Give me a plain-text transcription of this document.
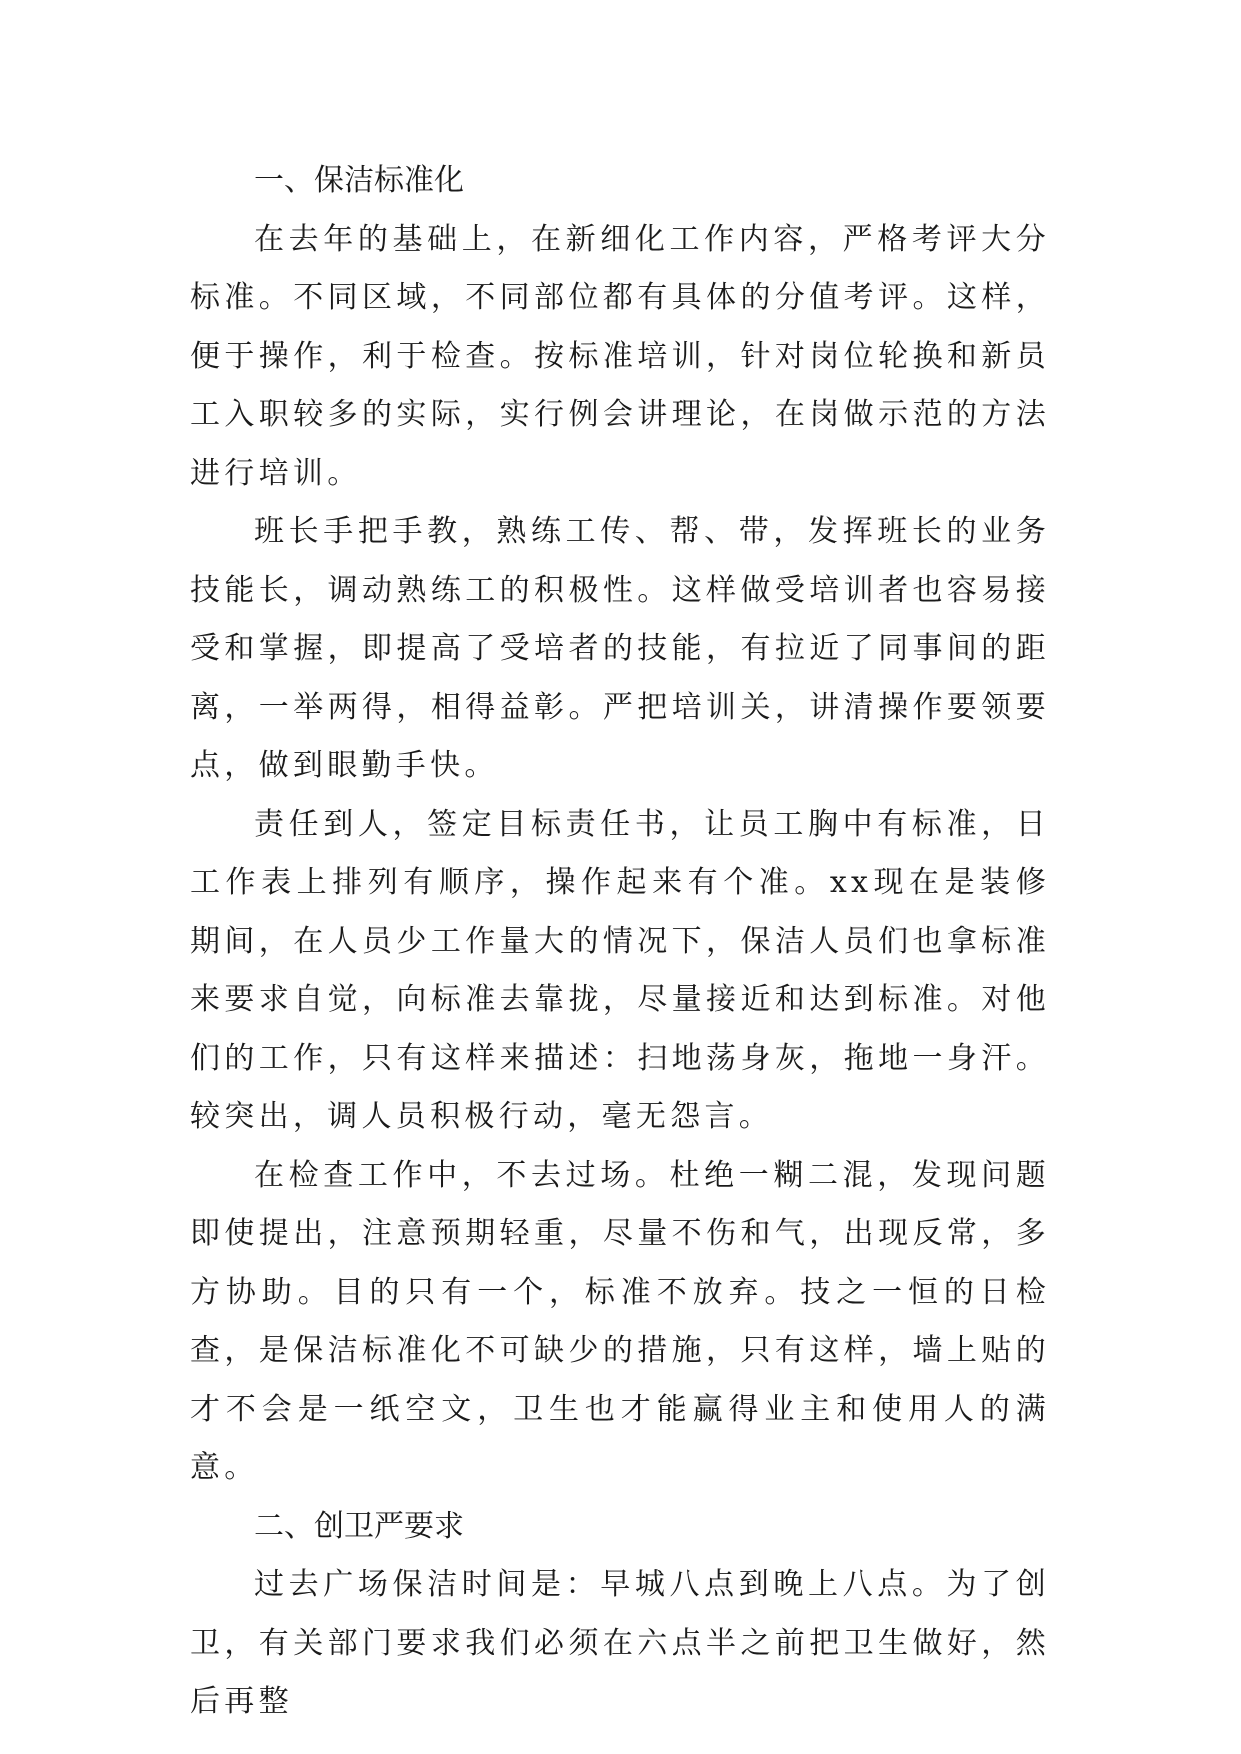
一、保洁标准化

在去年的基础上，在新细化工作内容，严格考评大分标准。不同区域，不同部位都有具体的分值考评。这样，便于操作，利于检查。按标准培训，针对岗位轮换和新员工入职较多的实际，实行例会讲理论，在岗做示范的方法进行培训。

班长手把手教，熟练工传、帮、带，发挥班长的业务技能长，调动熟练工的积极性。这样做受培训者也容易接受和掌握，即提高了受培者的技能，有拉近了同事间的距离，一举两得，相得益彰。严把培训关，讲清操作要领要点，做到眼勤手快。

责任到人，签定目标责任书，让员工胸中有标准，日工作表上排列有顺序，操作起来有个准。xx现在是装修期间，在人员少工作量大的情况下，保洁人员们也拿标准来要求自觉，向标准去靠拢，尽量接近和达到标准。对他们的工作，只有这样来描述：扫地荡身灰，拖地一身汗。较突出，调人员积极行动，毫无怨言。

在检查工作中，不去过场。杜绝一糊二混，发现问题即使提出，注意预期轻重，尽量不伤和气，出现反常，多方协助。目的只有一个，标准不放弃。技之一恒的日检查，是保洁标准化不可缺少的措施，只有这样，墙上贴的才不会是一纸空文，卫生也才能赢得业主和使用人的满意。

二、创卫严要求

过去广场保洁时间是：早城八点到晚上八点。为了创卫，有关部门要求我们必须在六点半之前把卫生做好，然后再整
